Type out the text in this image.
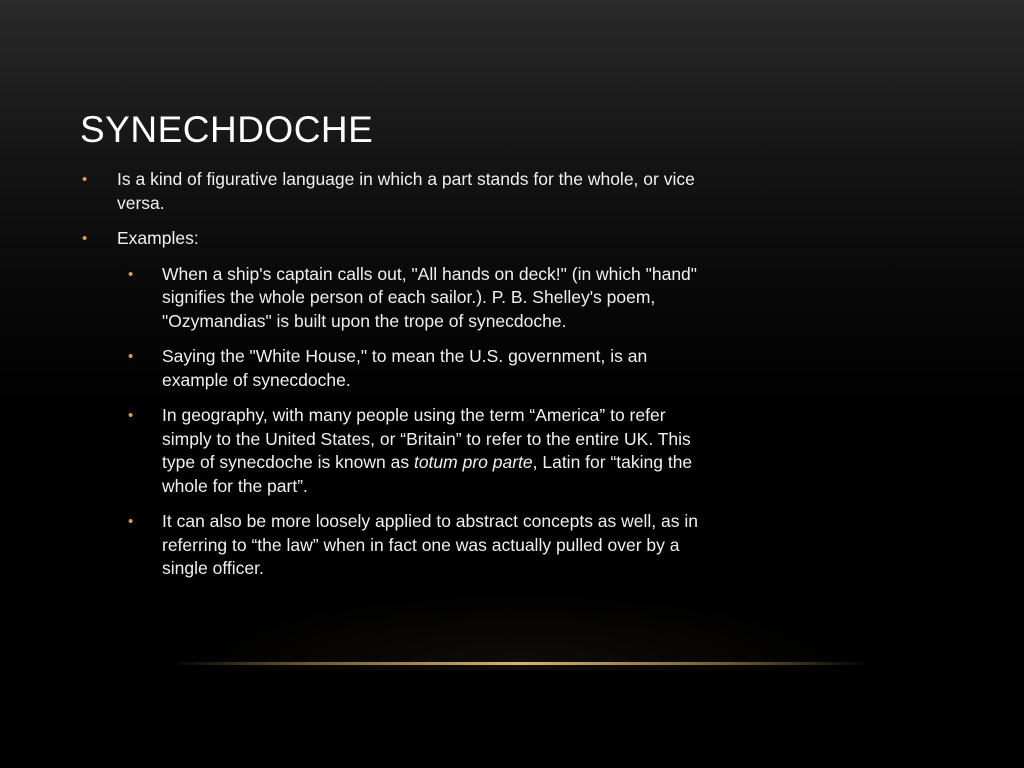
SYNECHDOCHE
• Is a kind of figurative language in which a part stands for the whole, or vice versa.
• Examples:
• When a ship's captain calls out, "All hands on deck!" (in which "hand" signifies the whole person of each sailor.). P. B. Shelley's poem, "Ozymandias" is built upon the trope of synecdoche.
• Saying the "White House," to mean the U.S. government, is an example of synecdoche.
• In geography, with many people using the term “America” to refer simply to the United States, or “Britain” to refer to the entire UK. This type of synecdoche is known as totum pro parte, Latin for “taking the whole for the part”.
• It can also be more loosely applied to abstract concepts as well, as in referring to “the law” when in fact one was actually pulled over by a single officer.
